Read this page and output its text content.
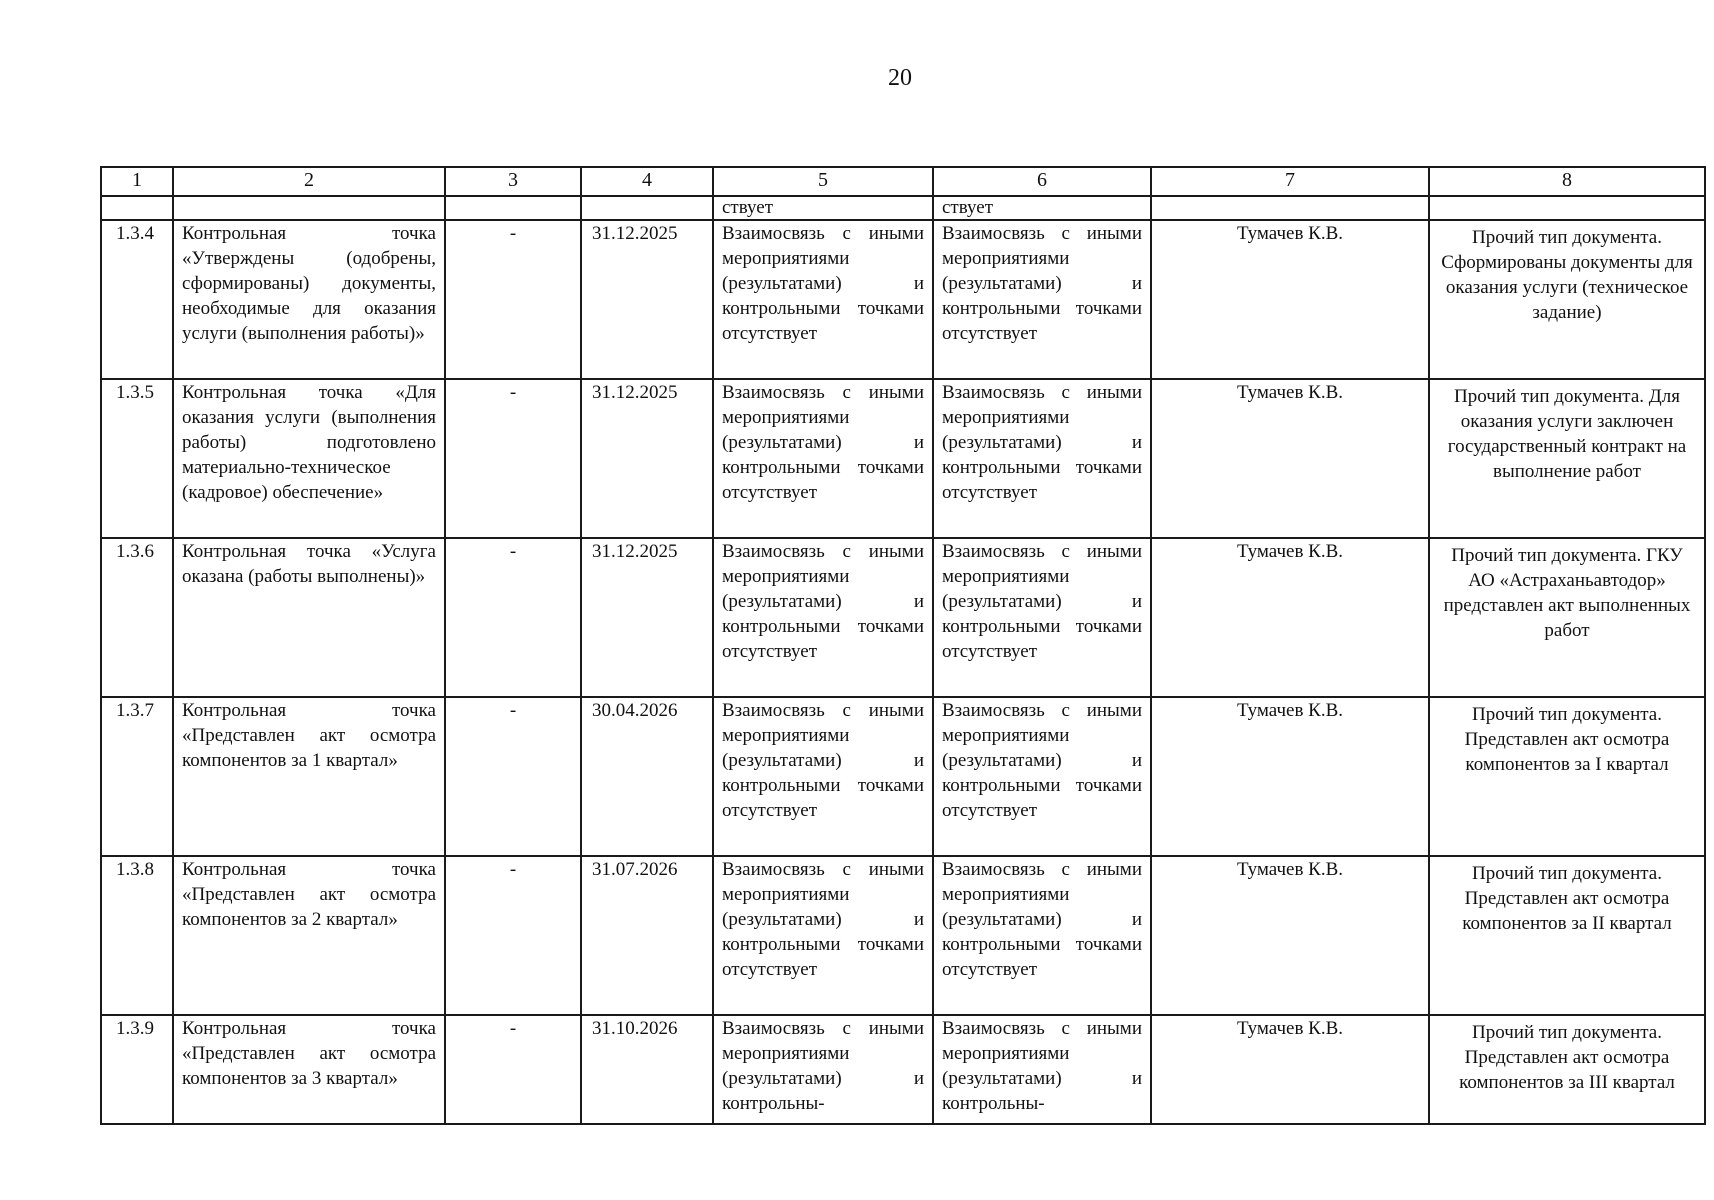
20
1	2	3	4	5	6	7	8
				ствует	ствует		
1.3.4	Контрольная точка «Утверждены (одобрены, сформированы) документы, необходимые для оказания услуги (выполнения работы)»	-	31.12.2025	Взаимосвязь с иными мероприятиями (результатами) и контрольными точками отсутствует	Взаимосвязь с иными мероприятиями (результатами) и контрольными точками отсутствует	Тумачев К.В.	Прочий тип документа. Сформированы документы для оказания услуги (техническое задание)
1.3.5	Контрольная точка «Для оказания услуги (выполнения работы) подготовлено материально-техническое (кадровое) обеспечение»	-	31.12.2025	Взаимосвязь с иными мероприятиями (результатами) и контрольными точками отсутствует	Взаимосвязь с иными мероприятиями (результатами) и контрольными точками отсутствует	Тумачев К.В.	Прочий тип документа. Для оказания услуги заключен государственный контракт на выполнение работ
1.3.6	Контрольная точка «Услуга оказана (работы выполнены)»	-	31.12.2025	Взаимосвязь с иными мероприятиями (результатами) и контрольными точками отсутствует	Взаимосвязь с иными мероприятиями (результатами) и контрольными точками отсутствует	Тумачев К.В.	Прочий тип документа. ГКУ АО «Астраханьавтодор» представлен акт выполненных работ
1.3.7	Контрольная точка «Представлен акт осмотра компонентов за 1 квартал»	-	30.04.2026	Взаимосвязь с иными мероприятиями (результатами) и контрольными точками отсутствует	Взаимосвязь с иными мероприятиями (результатами) и контрольными точками отсутствует	Тумачев К.В.	Прочий тип документа. Представлен акт осмотра компонентов за I квартал
1.3.8	Контрольная точка «Представлен акт осмотра компонентов за 2 квартал»	-	31.07.2026	Взаимосвязь с иными мероприятиями (результатами) и контрольными точками отсутствует	Взаимосвязь с иными мероприятиями (результатами) и контрольными точками отсутствует	Тумачев К.В.	Прочий тип документа. Представлен акт осмотра компонентов за II квартал
1.3.9	Контрольная точка «Представлен акт осмотра компонентов за 3 квартал»	-	31.10.2026	Взаимосвязь с иными мероприятиями (результатами) и контрольны-	Взаимосвязь с иными мероприятиями (результатами) и контрольны-	Тумачев К.В.	Прочий тип документа. Представлен акт осмотра компонентов за III квартал
